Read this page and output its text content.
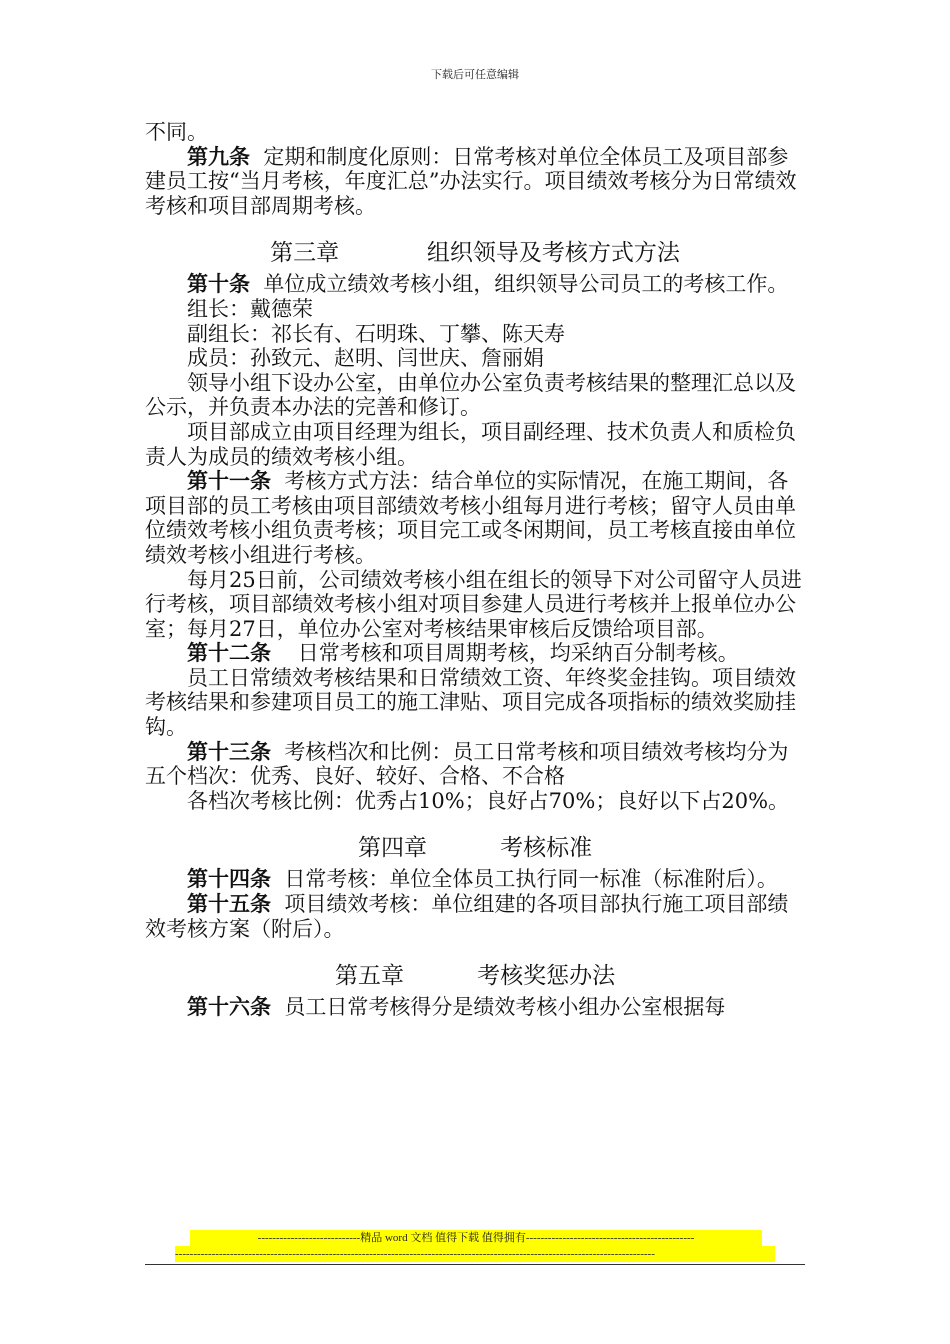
下载后可任意编辑

不同。

第九条  定期和制度化原则：日常考核对单位全体员工及项目部参建员工按“当月考核，年度汇总”办法实行。项目绩效考核分为日常绩效考核和项目部周期考核。

第三章	组织领导及考核方式方法

第十条  单位成立绩效考核小组，组织领导公司员工的考核工作。

组长：戴德荣

副组长：祁长有、石明珠、丁攀、陈天寿

成员：孙致元、赵明、闫世庆、詹丽娟

领导小组下设办公室，由单位办公室负责考核结果的整理汇总以及公示，并负责本办法的完善和修订。

项目部成立由项目经理为组长，项目副经理、技术负责人和质检负责人为成员的绩效考核小组。

第十一条  考核方式方法：结合单位的实际情况，在施工期间，各项目部的员工考核由项目部绩效考核小组每月进行考核；留守人员由单位绩效考核小组负责考核；项目完工或冬闲期间，员工考核直接由单位绩效考核小组进行考核。

每月25日前，公司绩效考核小组在组长的领导下对公司留守人员进行考核，项目部绩效考核小组对项目参建人员进行考核并上报单位办公室；每月27日，单位办公室对考核结果审核后反馈给项目部。

第十二条    日常考核和项目周期考核，均采纳百分制考核。

员工日常绩效考核结果和日常绩效工资、年终奖金挂钩。项目绩效考核结果和参建项目员工的施工津贴、项目完成各项指标的绩效奖励挂钩。

第十三条  考核档次和比例：员工日常考核和项目绩效考核均分为五个档次：优秀、良好、较好、合格、不合格

各档次考核比例：优秀占10%；良好占70%；良好以下占20%。

第四章	考核标准

第十四条  日常考核：单位全体员工执行同一标准（标准附后）。

第十五条  项目绩效考核：单位组建的各项目部执行施工项目部绩效考核方案（附后）。

第五章	考核奖惩办法

第十六条  员工日常考核得分是绩效考核小组办公室根据每

----------------------------精品 word 文档 值得下载 值得拥有----------------------------------------------
-----------------------------------------------------------------------------------------------------------------------------------
